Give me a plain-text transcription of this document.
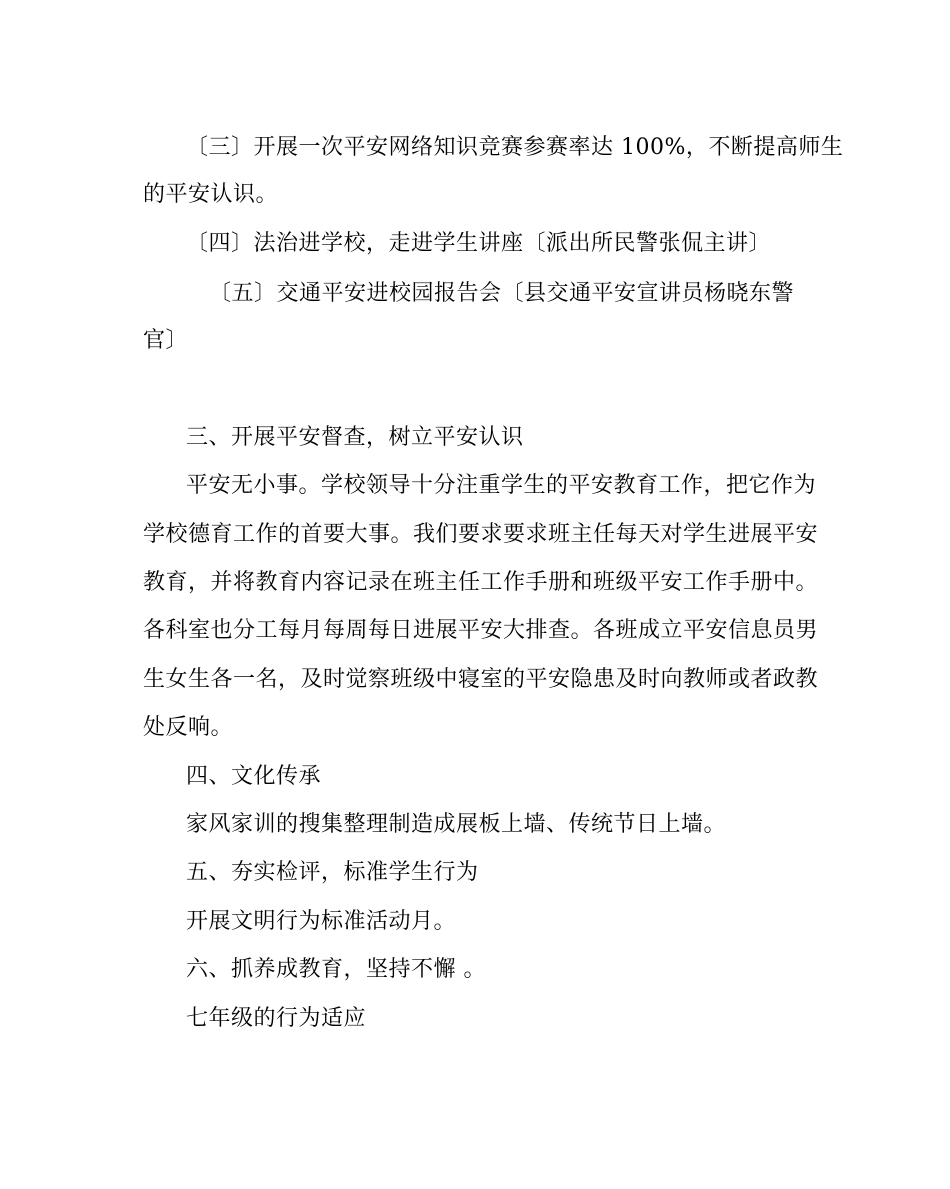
〔三〕开展一次平安网络知识竞赛参赛率达 100%，不断提高师生
的平安认识。
〔四〕法治进学校，走进学生讲座〔派出所民警张侃主讲〕
〔五〕交通平安进校园报告会〔县交通平安宣讲员杨晓东警
官〕
三、开展平安督查，树立平安认识
平安无小事。学校领导十分注重学生的平安教育工作，把它作为
学校德育工作的首要大事。我们要求要求班主任每天对学生进展平安
教育，并将教育内容记录在班主任工作手册和班级平安工作手册中。
各科室也分工每月每周每日进展平安大排查。各班成立平安信息员男
生女生各一名，及时觉察班级中寝室的平安隐患及时向教师或者政教
处反响。
四、文化传承
家风家训的搜集整理制造成展板上墙、传统节日上墙。
五、夯实检评，标准学生行为
开展文明行为标准活动月。
六、抓养成教育，坚持不懈 。
七年级的行为适应
